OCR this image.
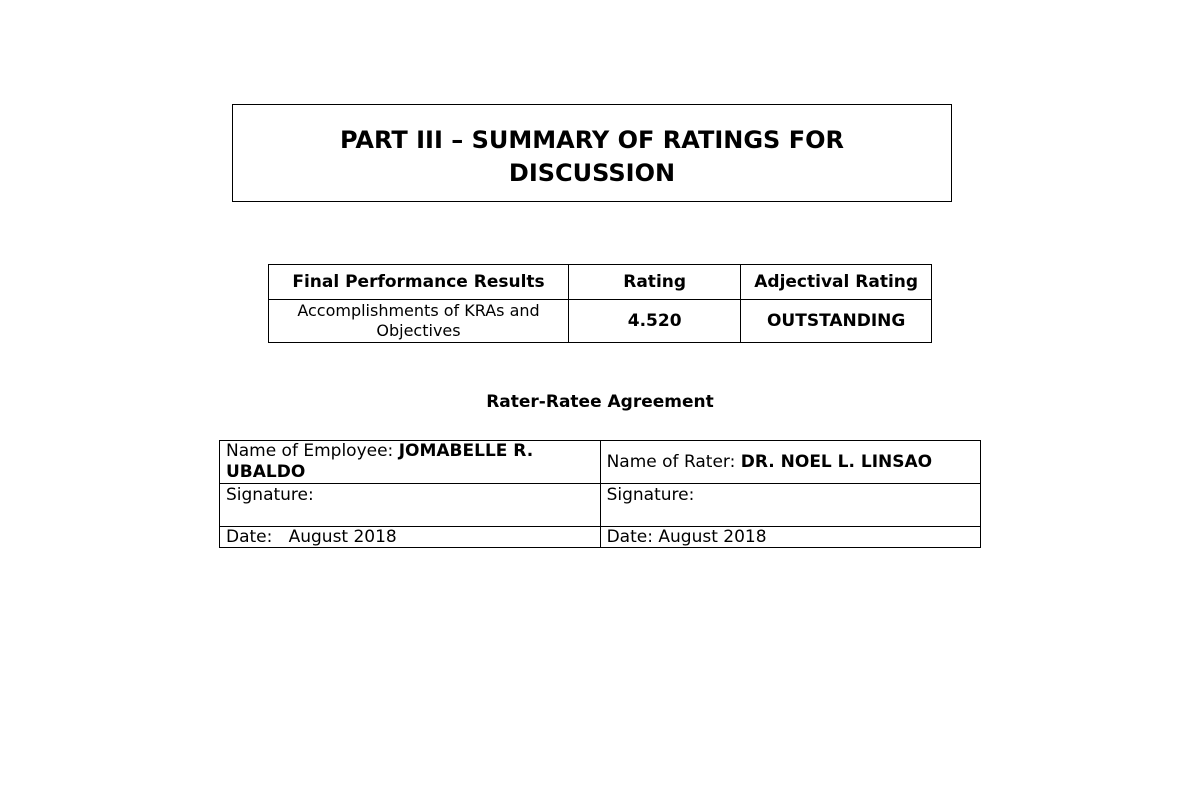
PART III – SUMMARY OF RATINGS FOR DISCUSSION
Final Performance Results	Rating	Adjectival Rating
Accomplishments of KRAs and Objectives	4.520	OUTSTANDING
Rater-Ratee Agreement
Name of Employee: JOMABELLE R. UBALDO	Name of Rater: DR. NOEL L. LINSAO
Signature:	Signature:
Date: August 2018	Date: August 2018
